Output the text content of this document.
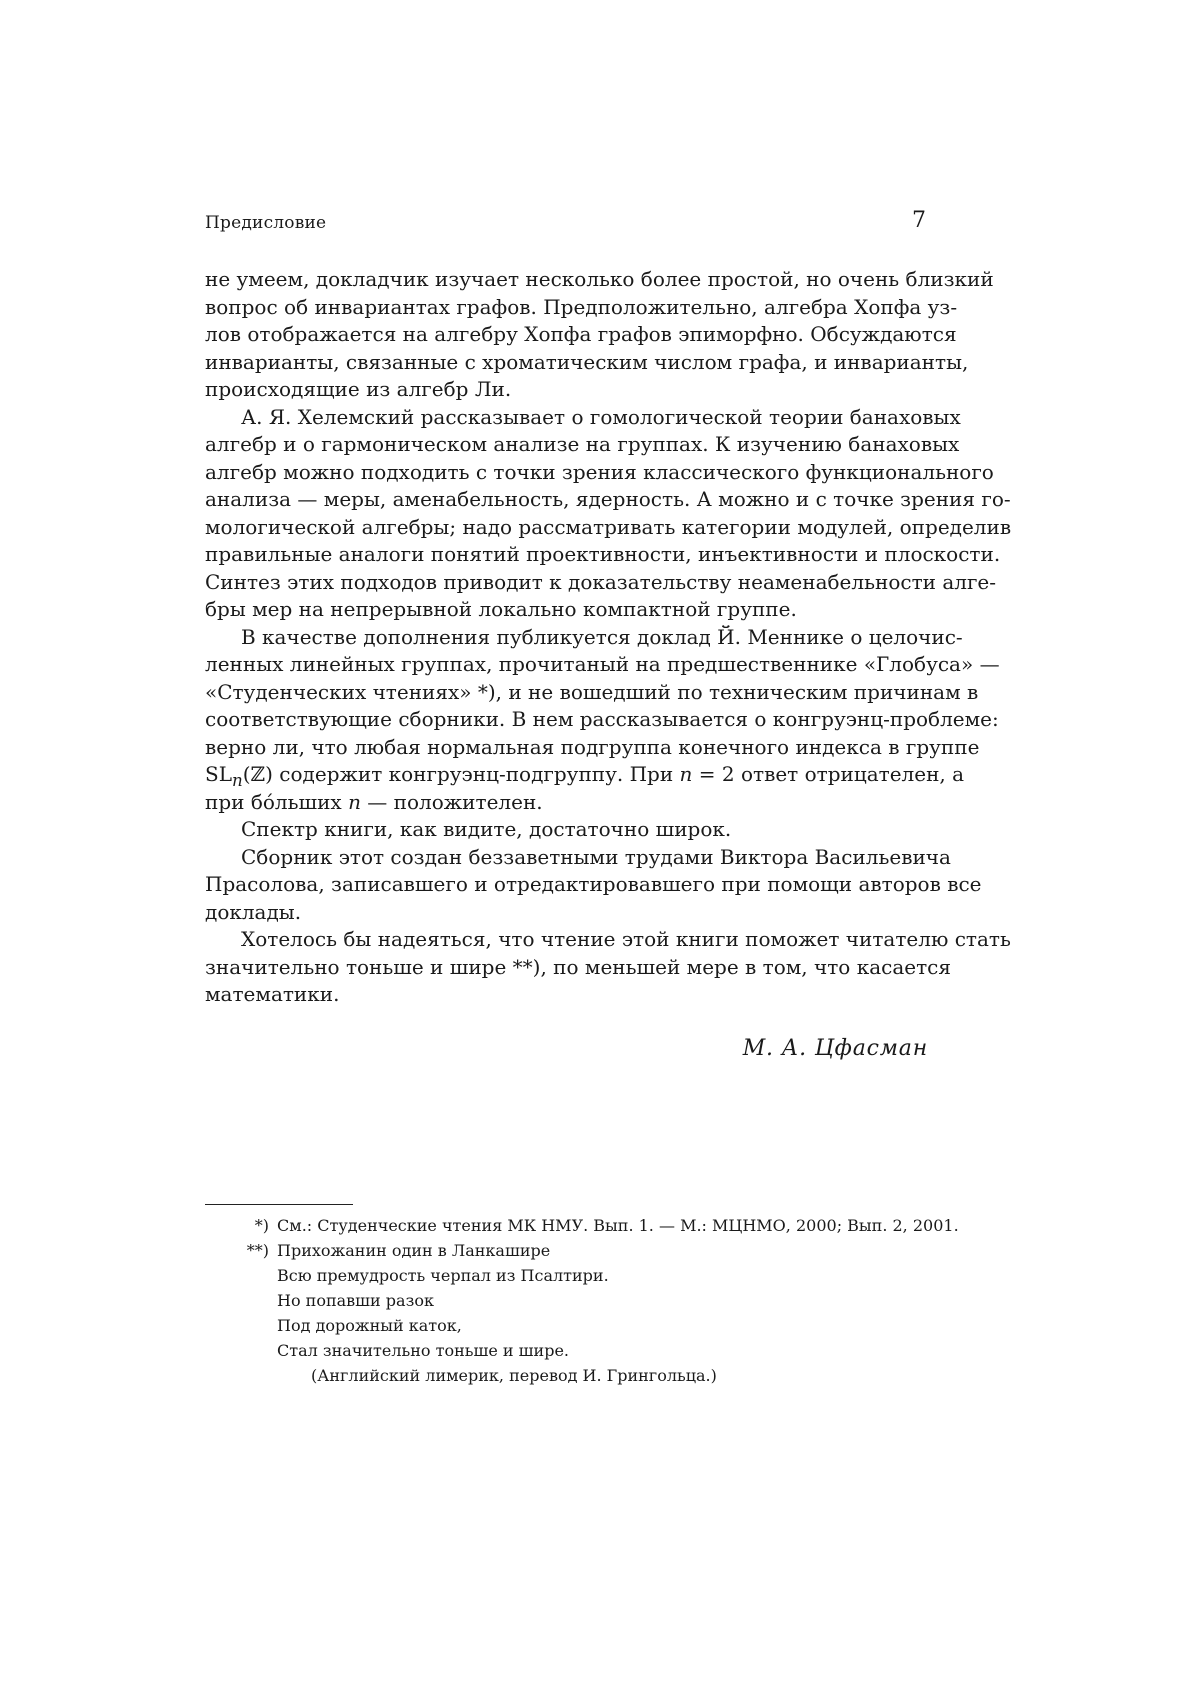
Предисловие	7
не умеем, докладчик изучает несколько более простой, но очень близкий
вопрос об инвариантах графов. Предположительно, алгебра Хопфа уз-
лов отображается на алгебру Хопфа графов эпиморфно. Обсуждаются
инварианты, связанные с хроматическим числом графа, и инварианты,
происходящие из алгебр Ли.
А. Я. Хелемский рассказывает о гомологической теории банаховых
алгебр и о гармоническом анализе на группах. К изучению банаховых
алгебр можно подходить с точки зрения классического функционального
анализа — меры, аменабельность, ядерность. А можно и с точке зрения го-
мологической алгебры; надо рассматривать категории модулей, определив
правильные аналоги понятий проективности, инъективности и плоскости.
Синтез этих подходов приводит к доказательству неаменабельности алге-
бры мер на непрерывной локально компактной группе.
В качестве дополнения публикуется доклад Й. Меннике о целочис-
ленных линейных группах, прочитаный на предшественнике «Глобуса» —
«Студенческих чтениях» *), и не вошедший по техническим причинам в
соответствующие сборники. В нем рассказывается о конгруэнц-проблеме:
верно ли, что любая нормальная подгруппа конечного индекса в группе
$SL_n(ℤ)$ содержит конгруэнц-подгруппу. При n = 2 ответ отрицателен, а
при бо́льших n — положителен.
Спектр книги, как видите, достаточно широк.
Сборник этот создан беззаветными трудами Виктора Васильевича
Прасолова, записавшего и отредактировавшего при помощи авторов все
доклады.
Хотелось бы надеяться, что чтение этой книги поможет читателю стать
значительно тоньше и шире **), по меньшей мере в том, что касается
математики.
М. А. Цфасман
*) См.: Студенческие чтения МК НМУ. Вып. 1. — М.: МЦНМО, 2000; Вып. 2, 2001.
**) Прихожанин один в Ланкашире
Всю премудрость черпал из Псалтири.
Но попавши разок
Под дорожный каток,
Стал значительно тоньше и шире.
(Английский лимерик, перевод И. Грингольца.)
